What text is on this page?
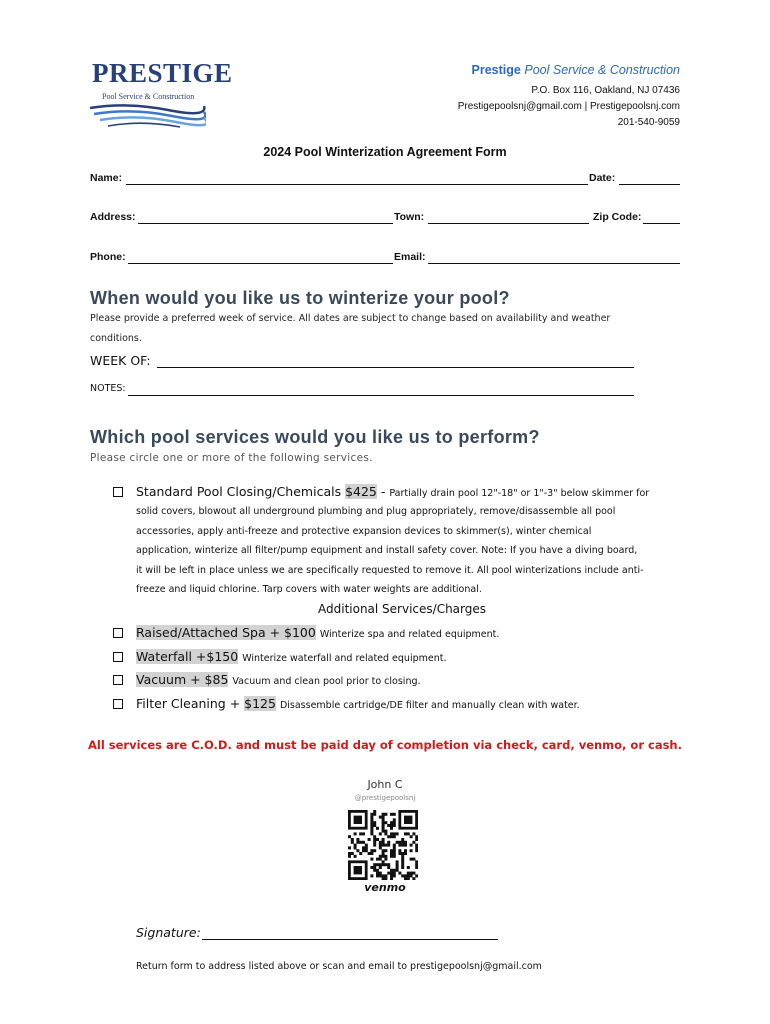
PRESTIGE
Pool Service & Construction
Prestige Pool Service & Construction
P.O. Box 116, Oakland, NJ 07436
Prestigepoolsnj@gmail.com | Prestigepoolsnj.com
201-540-9059
2024 Pool Winterization Agreement Form
Name:	Date:
Address:	Town:	Zip Code:
Phone:	Email:
When would you like us to winterize your pool?
Please provide a preferred week of service. All dates are subject to change based on availability and weather
conditions.
WEEK OF:
NOTES:
Which pool services would you like us to perform?
Please circle one or more of the following services.
Standard Pool Closing/Chemicals $425 - Partially drain pool 12"-18" or 1"-3" below skimmer for
solid covers, blowout all underground plumbing and plug appropriately, remove/disassemble all pool
accessories, apply anti-freeze and protective expansion devices to skimmer(s), winter chemical
application, winterize all filter/pump equipment and install safety cover. Note: If you have a diving board,
it will be left in place unless we are specifically requested to remove it. All pool winterizations include anti-
freeze and liquid chlorine. Tarp covers with water weights are additional.
Additional Services/Charges
Raised/Attached Spa + $100 Winterize spa and related equipment.
Waterfall +$150 Winterize waterfall and related equipment.
Vacuum + $85 Vacuum and clean pool prior to closing.
Filter Cleaning + $125 Disassemble cartridge/DE filter and manually clean with water.
All services are C.O.D. and must be paid day of completion via check, card, venmo, or cash.
John C
@prestigepoolsnj
venmo
Signature:
Return form to address listed above or scan and email to prestigepoolsnj@gmail.com
